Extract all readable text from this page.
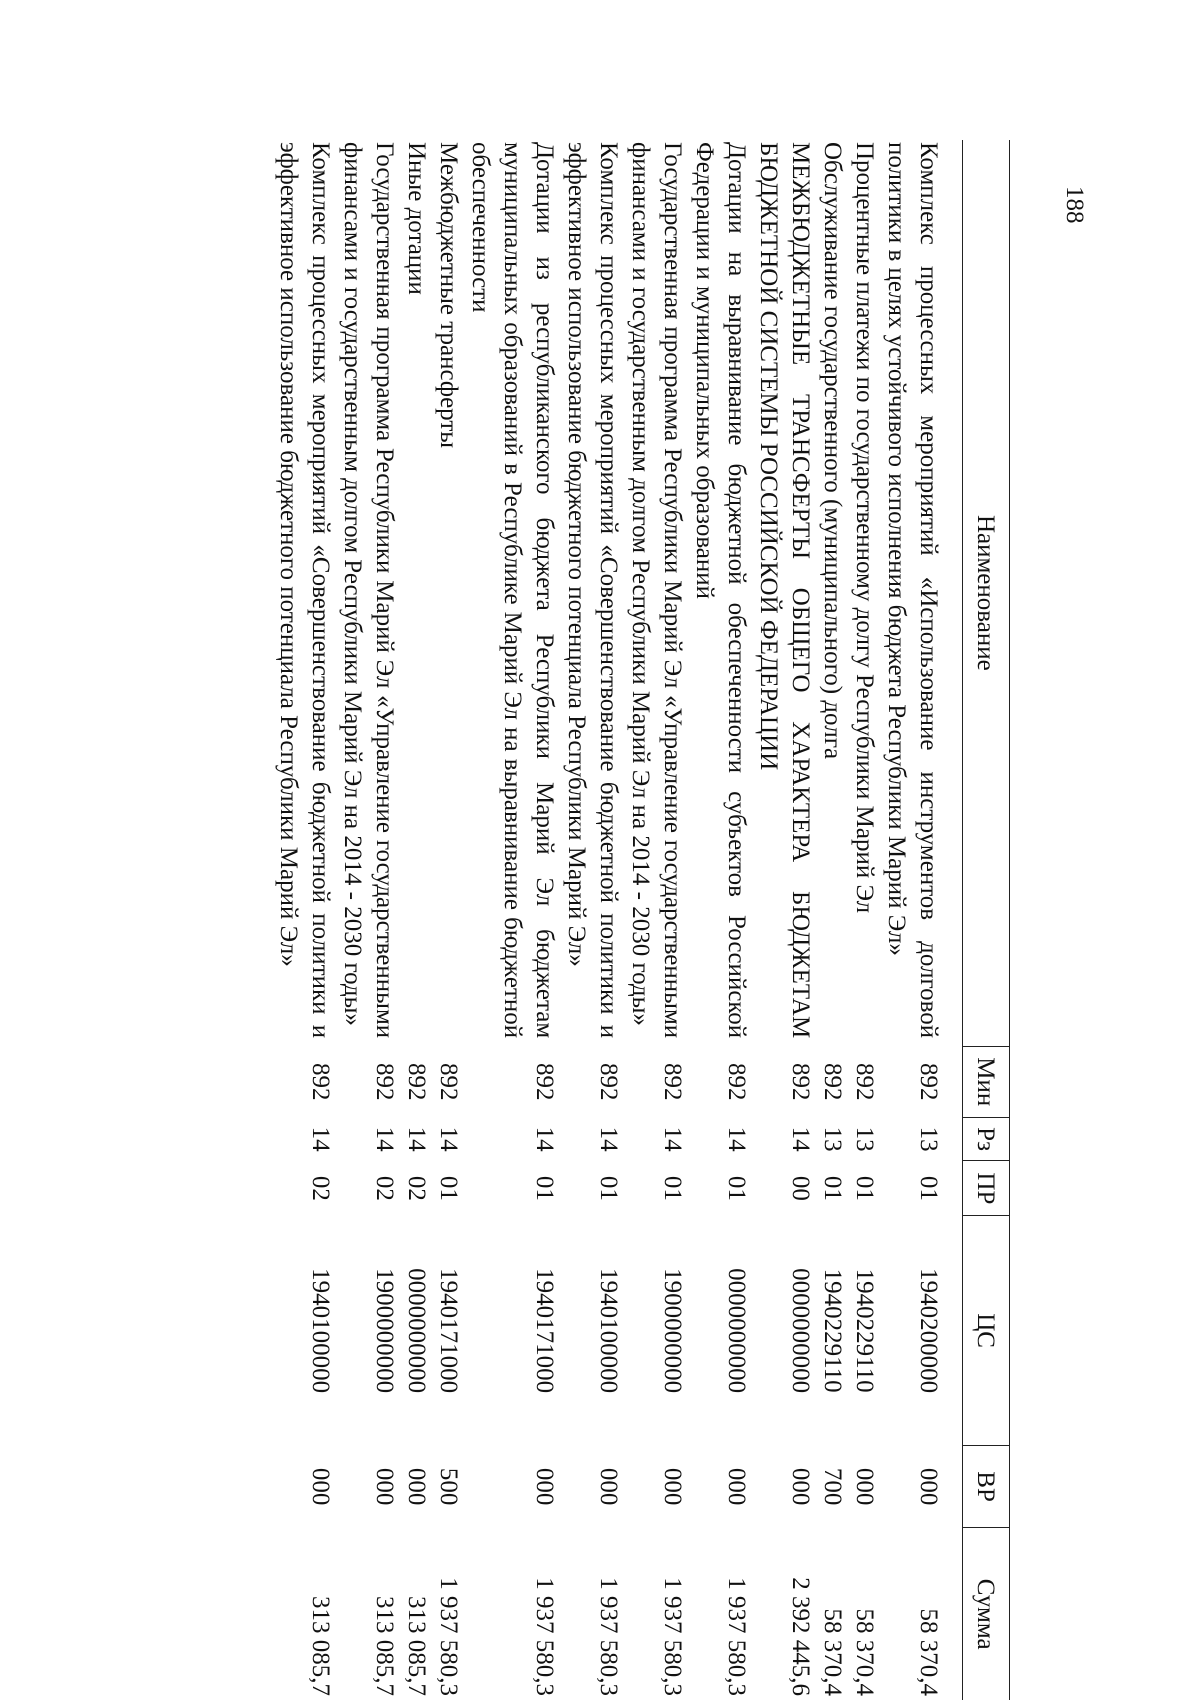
188
Наименование	Мин	Рз	ПР	ЦС	ВР	Сумма
Комплекс процессных мероприятий «Использование инструментов долговой политики в целях устойчивого исполнения бюджета Республики Марий Эл»	892	13	01	1940200000	000	58 370,4
Процентные платежи по государственному долгу Республики Марий Эл	892	13	01	1940229110	000	58 370,4
Обслуживание государственного (муниципального) долга	892	13	01	1940229110	700	58 370,4
МЕЖБЮДЖЕТНЫЕ ТРАНСФЕРТЫ ОБЩЕГО ХАРАКТЕРА БЮДЖЕТАМ БЮДЖЕТНОЙ СИСТЕМЫ РОССИЙСКОЙ ФЕДЕРАЦИИ	892	14	00	0000000000	000	2 392 445,6
Дотации на выравнивание бюджетной обеспеченности субъектов Российской Федерации и муниципальных образований	892	14	01	0000000000	000	1 937 580,3
Государственная программа Республики Марий Эл «Управление государственными финансами и государственным долгом Республики Марий Эл на 2014 - 2030 годы»	892	14	01	1900000000	000	1 937 580,3
Комплекс процессных мероприятий «Совершенствование бюджетной политики и эффективное использование бюджетного потенциала Республики Марий Эл»	892	14	01	1940100000	000	1 937 580,3
Дотации из республиканского бюджета Республики Марий Эл бюджетам муниципальных образований в Республике Марий Эл на выравнивание бюджетной обеспеченности	892	14	01	1940171000	000	1 937 580,3
Межбюджетные трансферты	892	14	01	1940171000	500	1 937 580,3
Иные дотации	892	14	02	0000000000	000	313 085,7
Государственная программа Республики Марий Эл «Управление государственными финансами и государственным долгом Республики Марий Эл на 2014 - 2030 годы»	892	14	02	1900000000	000	313 085,7
Комплекс процессных мероприятий «Совершенствование бюджетной политики и эффективное использование бюджетного потенциала Республики Марий Эл»	892	14	02	1940100000	000	313 085,7
